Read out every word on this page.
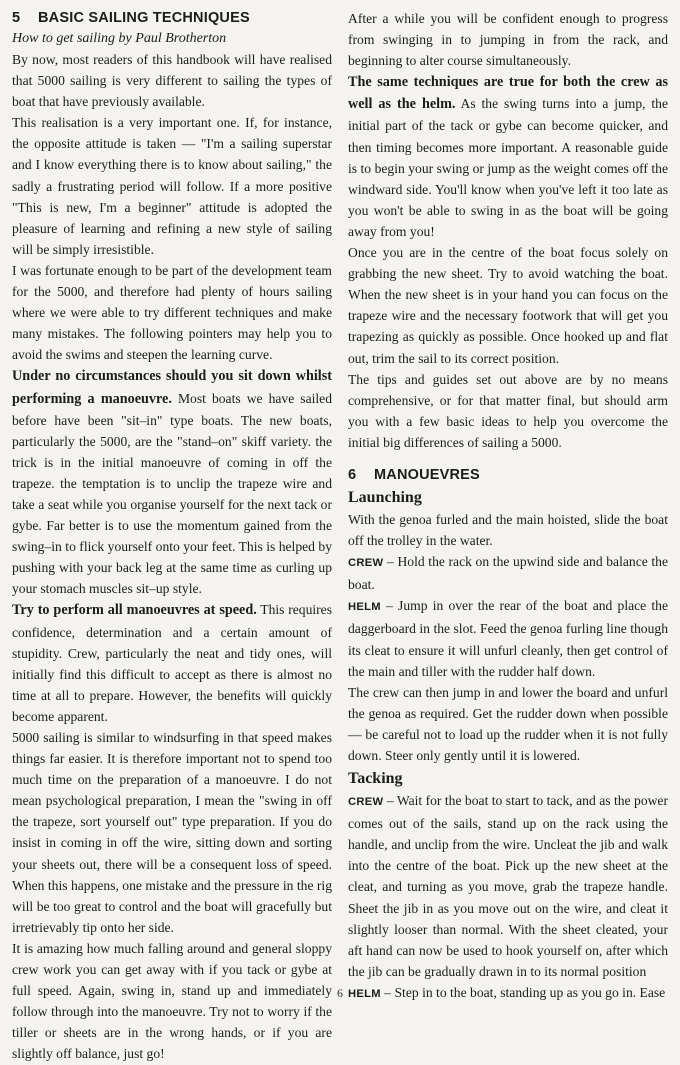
5 BASIC SAILING TECHNIQUES
How to get sailing by Paul Brotherton

By now, most readers of this handbook will have realised that 5000 sailing is very different to sailing the types of boat that have previously available.

This realisation is a very important one. If, for instance, the opposite attitude is taken — "I'm a sailing superstar and I know everything there is to know about sailing," the sadly a frustrating period will follow. If a more positive "This is new, I'm a beginner" attitude is adopted the pleasure of learning and refining a new style of sailing will be simply irresistible.

I was fortunate enough to be part of the development team for the 5000, and therefore had plenty of hours sailing where we were able to try different techniques and make many mistakes. The following pointers may help you to avoid the swims and steepen the learning curve.

Under no circumstances should you sit down whilst performing a manoeuvre. Most boats we have sailed before have been "sit–in" type boats. The new boats, particularly the 5000, are the "stand–on" skiff variety. the trick is in the initial manoeuvre of coming in off the trapeze. the temptation is to unclip the trapeze wire and take a seat while you organise yourself for the next tack or gybe. Far better is to use the momentum gained from the swing–in to flick yourself onto your feet. This is helped by pushing with your back leg at the same time as curling up your stomach muscles sit–up style.

Try to perform all manoeuvres at speed. This requires confidence, determination and a certain amount of stupidity. Crew, particularly the neat and tidy ones, will initially find this difficult to accept as there is almost no time at all to prepare. However, the benefits will quickly become apparent.

5000 sailing is similar to windsurfing in that speed makes things far easier. It is therefore important not to spend too much time on the preparation of a manoeuvre. I do not mean psychological preparation, I mean the "swing in off the trapeze, sort yourself out" type preparation. If you do insist in coming in off the wire, sitting down and sorting your sheets out, there will be a consequent loss of speed. When this happens, one mistake and the pressure in the rig will be too great to control and the boat will gracefully but irretrievably tip onto her side.

It is amazing how much falling around and general sloppy crew work you can get away with if you tack or gybe at full speed. Again, swing in, stand up and immediately follow through into the manoeuvre. Try not to worry if the tiller or sheets are in the wrong hands, or if you are slightly off balance, just go!

After a while you will be confident enough to progress from swinging in to jumping in from the rack, and beginning to alter course simultaneously.

The same techniques are true for both the crew as well as the helm. As the swing turns into a jump, the initial part of the tack or gybe can become quicker, and then timing becomes more important. A reasonable guide is to begin your swing or jump as the weight comes off the windward side. You'll know when you've left it too late as you won't be able to swing in as the boat will be going away from you!

Once you are in the centre of the boat focus solely on grabbing the new sheet. Try to avoid watching the boat. When the new sheet is in your hand you can focus on the trapeze wire and the necessary footwork that will get you trapezing as quickly as possible. Once hooked up and flat out, trim the sail to its correct position.

The tips and guides set out above are by no means comprehensive, or for that matter final, but should arm you with a few basic ideas to help you overcome the initial big differences of sailing a 5000.

6 MANOUEVRES
Launching

With the genoa furled and the main hoisted, slide the boat off the trolley in the water.

CREW – Hold the rack on the upwind side and balance the boat.

HELM – Jump in over the rear of the boat and place the daggerboard in the slot. Feed the genoa furling line though its cleat to ensure it will unfurl cleanly, then get control of the main and tiller with the rudder half down.

The crew can then jump in and lower the board and unfurl the genoa as required. Get the rudder down when possible — be careful not to load up the rudder when it is not fully down. Steer only gently until it is lowered.

Tacking

CREW – Wait for the boat to start to tack, and as the power comes out of the sails, stand up on the rack using the handle, and unclip from the wire. Uncleat the jib and walk into the centre of the boat. Pick up the new sheet at the cleat, and turning as you move, grab the trapeze handle. Sheet the jib in as you move out on the wire, and cleat it slightly looser than normal. With the sheet cleated, your aft hand can now be used to hook yourself on, after which the jib can be gradually drawn in to its normal position

HELM – Step in to the boat, standing up as you go in. Ease

6
